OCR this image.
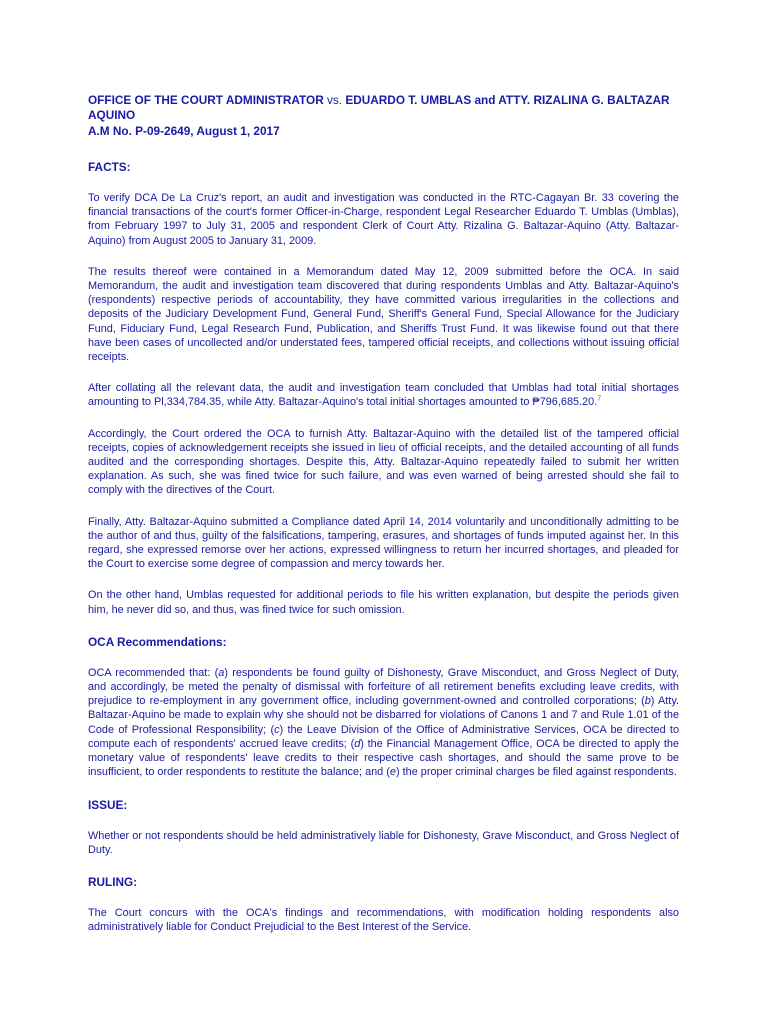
OFFICE OF THE COURT ADMINISTRATOR vs. EDUARDO T. UMBLAS and ATTY. RIZALINA G. BALTAZAR AQUINO

A.M No. P-09-2649, August 1, 2017

FACTS:

To verify DCA De La Cruz's report, an audit and investigation was conducted in the RTC-Cagayan Br. 33 covering the financial transactions of the court's former Officer-in-Charge, respondent Legal Researcher Eduardo T. Umblas (Umblas), from February 1997 to July 31, 2005 and respondent Clerk of Court Atty. Rizalina G. Baltazar-Aquino (Atty. Baltazar-Aquino) from August 2005 to January 31, 2009.

The results thereof were contained in a Memorandum dated May 12, 2009 submitted before the OCA. In said Memorandum, the audit and investigation team discovered that during respondents Umblas and Atty. Baltazar-Aquino's (respondents) respective periods of accountability, they have committed various irregularities in the collections and deposits of the Judiciary Development Fund, General Fund, Sheriff's General Fund, Special Allowance for the Judiciary Fund, Fiduciary Fund, Legal Research Fund, Publication, and Sheriffs Trust Fund. It was likewise found out that there have been cases of uncollected and/or understated fees, tampered official receipts, and collections without issuing official receipts.

After collating all the relevant data, the audit and investigation team concluded that Umblas had total initial shortages amounting to Pl,334,784.35, while Atty. Baltazar-Aquino's total initial shortages amounted to ₱796,685.20.$^7$

Accordingly, the Court ordered the OCA to furnish Atty. Baltazar-Aquino with the detailed list of the tampered official receipts, copies of acknowledgement receipts she issued in lieu of official receipts, and the detailed accounting of all funds audited and the corresponding shortages. Despite this, Atty. Baltazar-Aquino repeatedly failed to submit her written explanation. As such, she was fined twice for such failure, and was even warned of being arrested should she fail to comply with the directives of the Court.

Finally, Atty. Baltazar-Aquino submitted a Compliance dated April 14, 2014 voluntarily and unconditionally admitting to be the author of and thus, guilty of the falsifications, tampering, erasures, and shortages of funds imputed against her. In this regard, she expressed remorse over her actions, expressed willingness to return her incurred shortages, and pleaded for the Court to exercise some degree of compassion and mercy towards her.

On the other hand, Umblas requested for additional periods to file his written explanation, but despite the periods given him, he never did so, and thus, was fined twice for such omission.

OCA Recommendations:

OCA recommended that: (a) respondents be found guilty of Dishonesty, Grave Misconduct, and Gross Neglect of Duty, and accordingly, be meted the penalty of dismissal with forfeiture of all retirement benefits excluding leave credits, with prejudice to re-employment in any government office, including government-owned and controlled corporations; (b) Atty. Baltazar-Aquino be made to explain why she should not be disbarred for violations of Canons 1 and 7 and Rule 1.01 of the Code of Professional Responsibility; (c) the Leave Division of the Office of Administrative Services, OCA be directed to compute each of respondents' accrued leave credits; (d) the Financial Management Office, OCA be directed to apply the monetary value of respondents' leave credits to their respective cash shortages, and should the same prove to be insufficient, to order respondents to restitute the balance; and (e) the proper criminal charges be filed against respondents.

ISSUE:

Whether or not respondents should be held administratively liable for Dishonesty, Grave Misconduct, and Gross Neglect of Duty.

RULING:

The Court concurs with the OCA's findings and recommendations, with modification holding respondents also administratively liable for Conduct Prejudicial to the Best Interest of the Service.
